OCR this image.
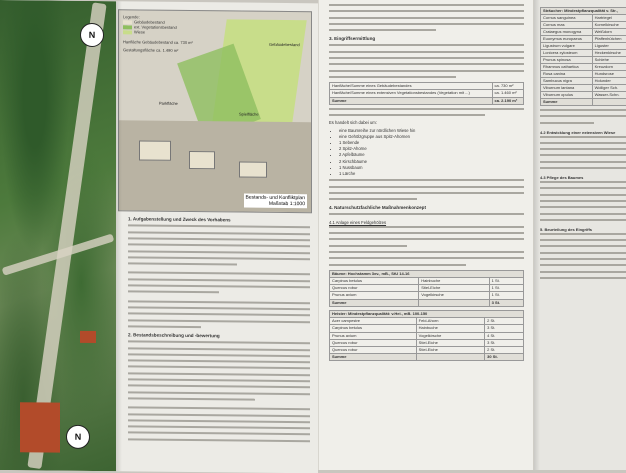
N
N
Legende:
Gebäudebestand
ext. Vegetationsbestand
Wiese
Hanfläche Gebäudebestand ca. 730 m²
Gestaltungsfläche ca. 1.490 m²
Gebäudebestand
Spielfläche
Parkfläche
Bestands- und Konfliktplan
Maßstab 1:1000
1. Aufgabenstellung und Zweck des Vorhabens
2. Bestandsbeschreibung und -bewertung
3. Eingriffsermittlung
Hanfläche/Summe eines Gebäudebestandes	ca. 730 m²
Hanfläche/Summe eines extensiven Vegetationsbestandes (Vegetation mit ...)	ca. 1.460 m²
Summe	ca. 2.190 m²
Es handelt sich dabei um:
• eine Baumreihe zur nördlichen Wiese hin
• eine Gehölzgruppe aus Spitz-Ahornen
• 1 Sebende
• 2 Spitz-Ahorne
• 2 Apfelbäume
• 2 Kirschbäume
• 1 Nussbaum
• 1 Lärche
4. Naturschutzfachliche Maßnahmenkonzept
4.1 Anlage eines Feldgehölzes
Bäume: Hochstamm 3xv., mB., StU 14-16		
Carpinus betulus	Hainbuche	1 St.
Quercus robur	Stiel-Eiche	1 St.
Prunus avium	Vogelkirsche	1 St.
Summe		3 St.
Heister: Mindestpflanzqualität: v.Hei., mB. 100-150		
Acer campestre	Feld-Ahorn	2 St.
Carpinus betulus	Hainbuche	3 St.
Prunus avium	Vogelkirsche	4 St.
Quercus robur	Stiel-Eiche	3 St.
Quercus robur	Stiel-Eiche	2 St.
Summe		30 St.
Sträucher: Mindestpflanzqualität v. Str.,	
Cornus sanguinea	Hartriegel
Cornus mas	Kornelkirsche
Crataegus monogyna	Weißdorn
Euonymus europaeus	Pfaffenhütchen
Ligustrum vulgare	Liguster
Lonicera xylosteum	Heckenkirsche
Prunus spinosa	Schlehe
Rhamnus cathartica	Kreuzdorn
Rosa canina	Hundsrose
Sambucus nigra	Holunder
Viburnum lantana	Wolliger Sch.
Viburnum opulus	Wasser-Schn.
Summe	
4.2 Entwicklung einer extensiven Wiese
4.3 Pflege des Baumes
5. Beurteilung des Eingriffs
